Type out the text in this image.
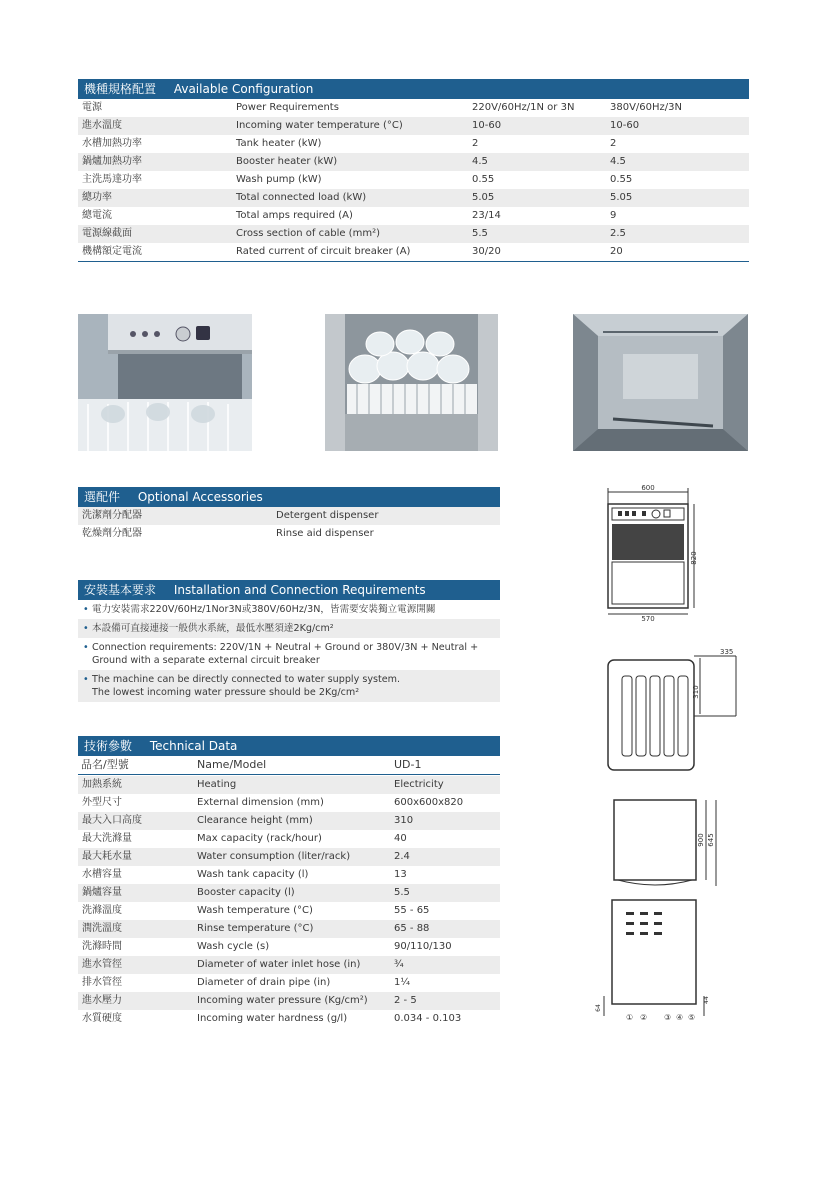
機種規格配置 Available Configuration
電源	Power Requirements	220V/60Hz/1N or 3N	380V/60Hz/3N
進水溫度	Incoming water temperature (°C)	10-60	10-60
水槽加熱功率	Tank heater (kW)	2	2
鍋爐加熱功率	Booster heater (kW)	4.5	4.5
主洗馬達功率	Wash pump (kW)	0.55	0.55
總功率	Total connected load (kW)	5.05	5.05
總電流	Total amps required (A)	23/14	9
電源線截面	Cross section of cable (mm²)	5.5	2.5
機構額定電流	Rated current of circuit breaker (A)	30/20	20
選配件 Optional Accessories
洗潔劑分配器	Detergent dispenser
乾燥劑分配器	Rinse aid dispenser
安裝基本要求 Installation and Connection Requirements
• 電力安裝需求220V/60Hz/1Nor3N或380V/60Hz/3N，皆需要安裝獨立電源開關
• 本設備可直接連接一般供水系統，最低水壓須達2Kg/cm²
• Connection requirements: 220V/1N + Neutral + Ground or 380V/3N + Neutral +
Ground with a separate external circuit breaker
• The machine can be directly connected to water supply system.
The lowest incoming water pressure should be 2Kg/cm²
技術參數 Technical Data
品名/型號	Name/Model	UD-1
加熱系統	Heating	Electricity
外型尺寸	External dimension (mm)	600x600x820
最大入口高度	Clearance height (mm)	310
最大洗滌量	Max capacity (rack/hour)	40
最大耗水量	Water consumption (liter/rack)	2.4
水槽容量	Wash tank capacity (l)	13
鍋爐容量	Booster capacity (l)	5.5
洗滌溫度	Wash temperature (°C)	55 - 65
潤洗溫度	Rinse temperature (°C)	65 - 88
洗滌時間	Wash cycle (s)	90/110/130
進水管徑	Diameter of water inlet hose (in)	¾
排水管徑	Diameter of drain pipe (in)	1¼
進水壓力	Incoming water pressure (Kg/cm²)	2 - 5
水質硬度	Incoming water hardness (g/l)	0.034 - 0.103
600
820
570
335
310
900 645
64
44
① ② ③ ④ ⑤
